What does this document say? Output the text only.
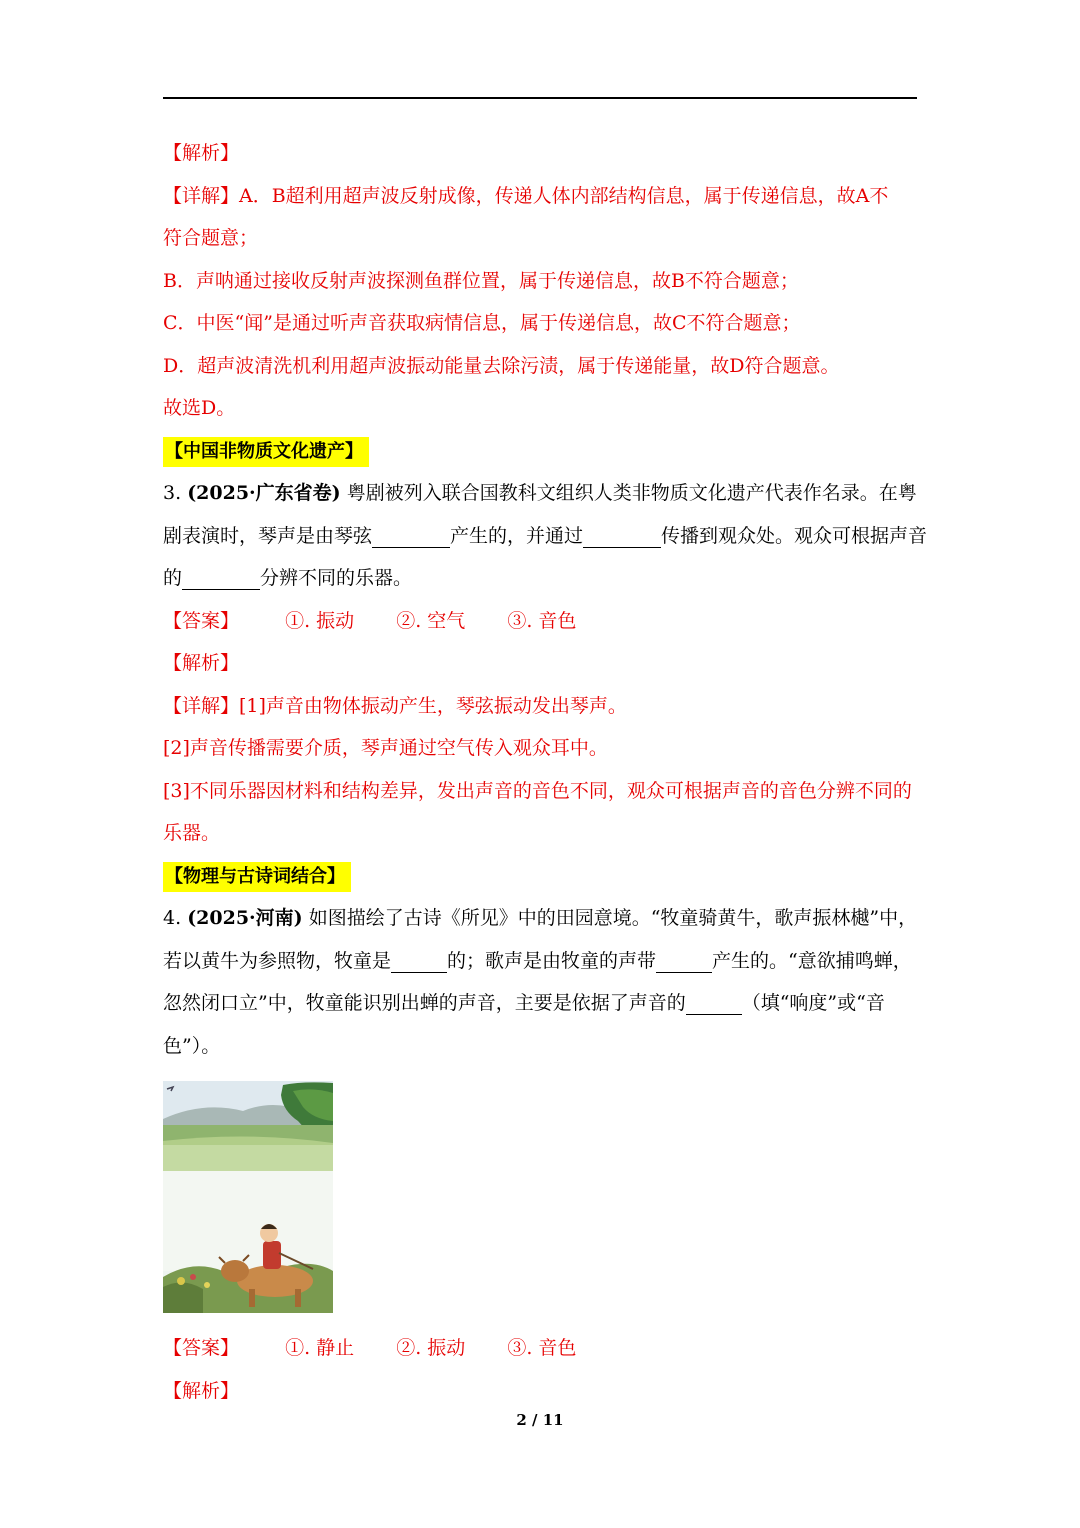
【解析】
【详解】A．B超利用超声波反射成像，传递人体内部结构信息，属于传递信息，故A不
符合题意；
B．声呐通过接收反射声波探测鱼群位置，属于传递信息，故B不符合题意；
C．中医“闻”是通过听声音获取病情信息，属于传递信息，故C不符合题意；
D．超声波清洗机利用超声波振动能量去除污渍，属于传递能量，故D符合题意。
故选D。
【中国非物质文化遗产】
3. (2025·广东省卷) 粤剧被列入联合国教科文组织人类非物质文化遗产代表作名录。在粤
剧表演时，琴声是由琴弦	产生的，并通过	传播到观众处。观众可根据声音
的	分辨不同的乐器。
【答案】 ①. 振动 ②. 空气 ③. 音色
【解析】
【详解】[1]声音由物体振动产生，琴弦振动发出琴声。
[2]声音传播需要介质，琴声通过空气传入观众耳中。
[3]不同乐器因材料和结构差异，发出声音的音色不同，观众可根据声音的音色分辨不同的
乐器。
【物理与古诗词结合】
4. (2025·河南) 如图描绘了古诗《所见》中的田园意境。“牧童骑黄牛，歌声振林樾”中，
若以黄牛为参照物，牧童是	的；歌声是由牧童的声带	产生的。“意欲捕鸣蝉，
忽然闭口立”中，牧童能识别出蝉的声音，主要是依据了声音的	（填“响度”或“音
色”）。
【答案】 ①. 静止 ②. 振动 ③. 音色
【解析】
2 / 11
